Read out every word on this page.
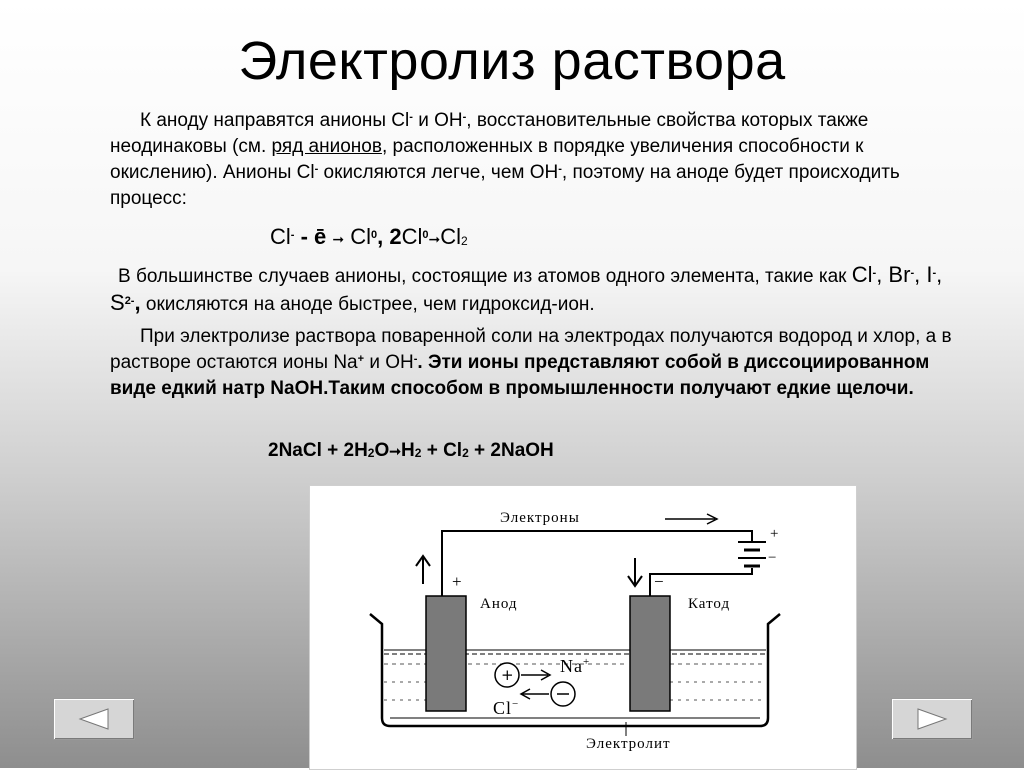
Электролиз раствора
К аноду направятся анионы Cl- и OH-, восстановительные свойства которых также неодинаковы (см. ряд анионов, расположенных в порядке увеличения способности к окислению). Анионы Cl- окисляются легче, чем OH-, поэтому на аноде будет происходить процесс:
Cl- - ē ➞ Cl$^0$, 2Cl$^0$➞Cl2
В большинстве случаев анионы, состоящие из атомов одного элемента, такие как Cl-, Br-, I-, $S^{2-}$, окисляются на аноде быстрее, чем гидроксид-ион.
При электролизе раствора поваренной соли на электродах получаются водород и хлор, а в растворе остаются ионы Na+ и OH-. Эти ионы представляют собой в диссоциированном виде едкий натр NaOH.Таким способом в промышленности получают едкие щелочи.
2NaCl + 2H2O➞H2 + Cl2 + 2NaOH
+
Электроны
Анод	Катод
+	−
+
−
Na+
Cl−
Электролит
